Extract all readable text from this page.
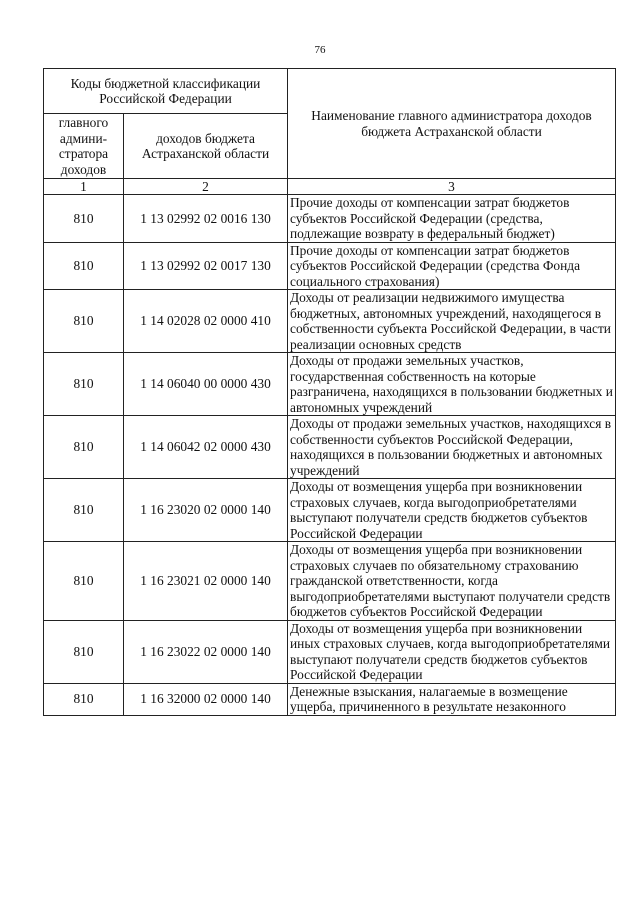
76
Коды бюджетной классификации Российской Федерации		Наименование главного администратора доходов бюджета Астраханской области
главного админи-стратора доходов	доходов бюджета Астраханской области	
1	2	3
810	1 13 02992 02 0016 130	Прочие доходы от компенсации затрат бюджетов субъектов Российской Федерации (средства, подлежащие возврату в федеральный бюджет)
810	1 13 02992 02 0017 130	Прочие доходы от компенсации затрат бюджетов субъектов Российской Федерации (средства Фонда социального страхования)
810	1 14 02028 02 0000 410	Доходы от реализации недвижимого имущества бюджетных, автономных учреждений, находящегося в собственности субъекта Российской Федерации, в части реализации основных средств
810	1 14 06040 00 0000 430	Доходы от продажи земельных участков, государственная собственность на которые разграничена, находящихся в пользовании бюджетных и автономных учреждений
810	1 14 06042 02 0000 430	Доходы от продажи земельных участков, находящихся в собственности субъектов Российской Федерации, находящихся в пользовании бюджетных и автономных учреждений
810	1 16 23020 02 0000 140	Доходы от возмещения ущерба при возникновении страховых случаев, когда выгодоприобретателями выступают получатели средств бюджетов субъектов Российской Федерации
810	1 16 23021 02 0000 140	Доходы от возмещения ущерба при возникновении страховых случаев по обязательному страхованию гражданской ответственности, когда выгодоприобретателями выступают получатели средств бюджетов субъектов Российской Федерации
810	1 16 23022 02 0000 140	Доходы от возмещения ущерба при возникновении иных страховых случаев, когда выгодоприобретателями выступают получатели средств бюджетов субъектов Российской Федерации
810	1 16 32000 02 0000 140	Денежные взыскания, налагаемые в возмещение ущерба, причиненного в результате незаконного
